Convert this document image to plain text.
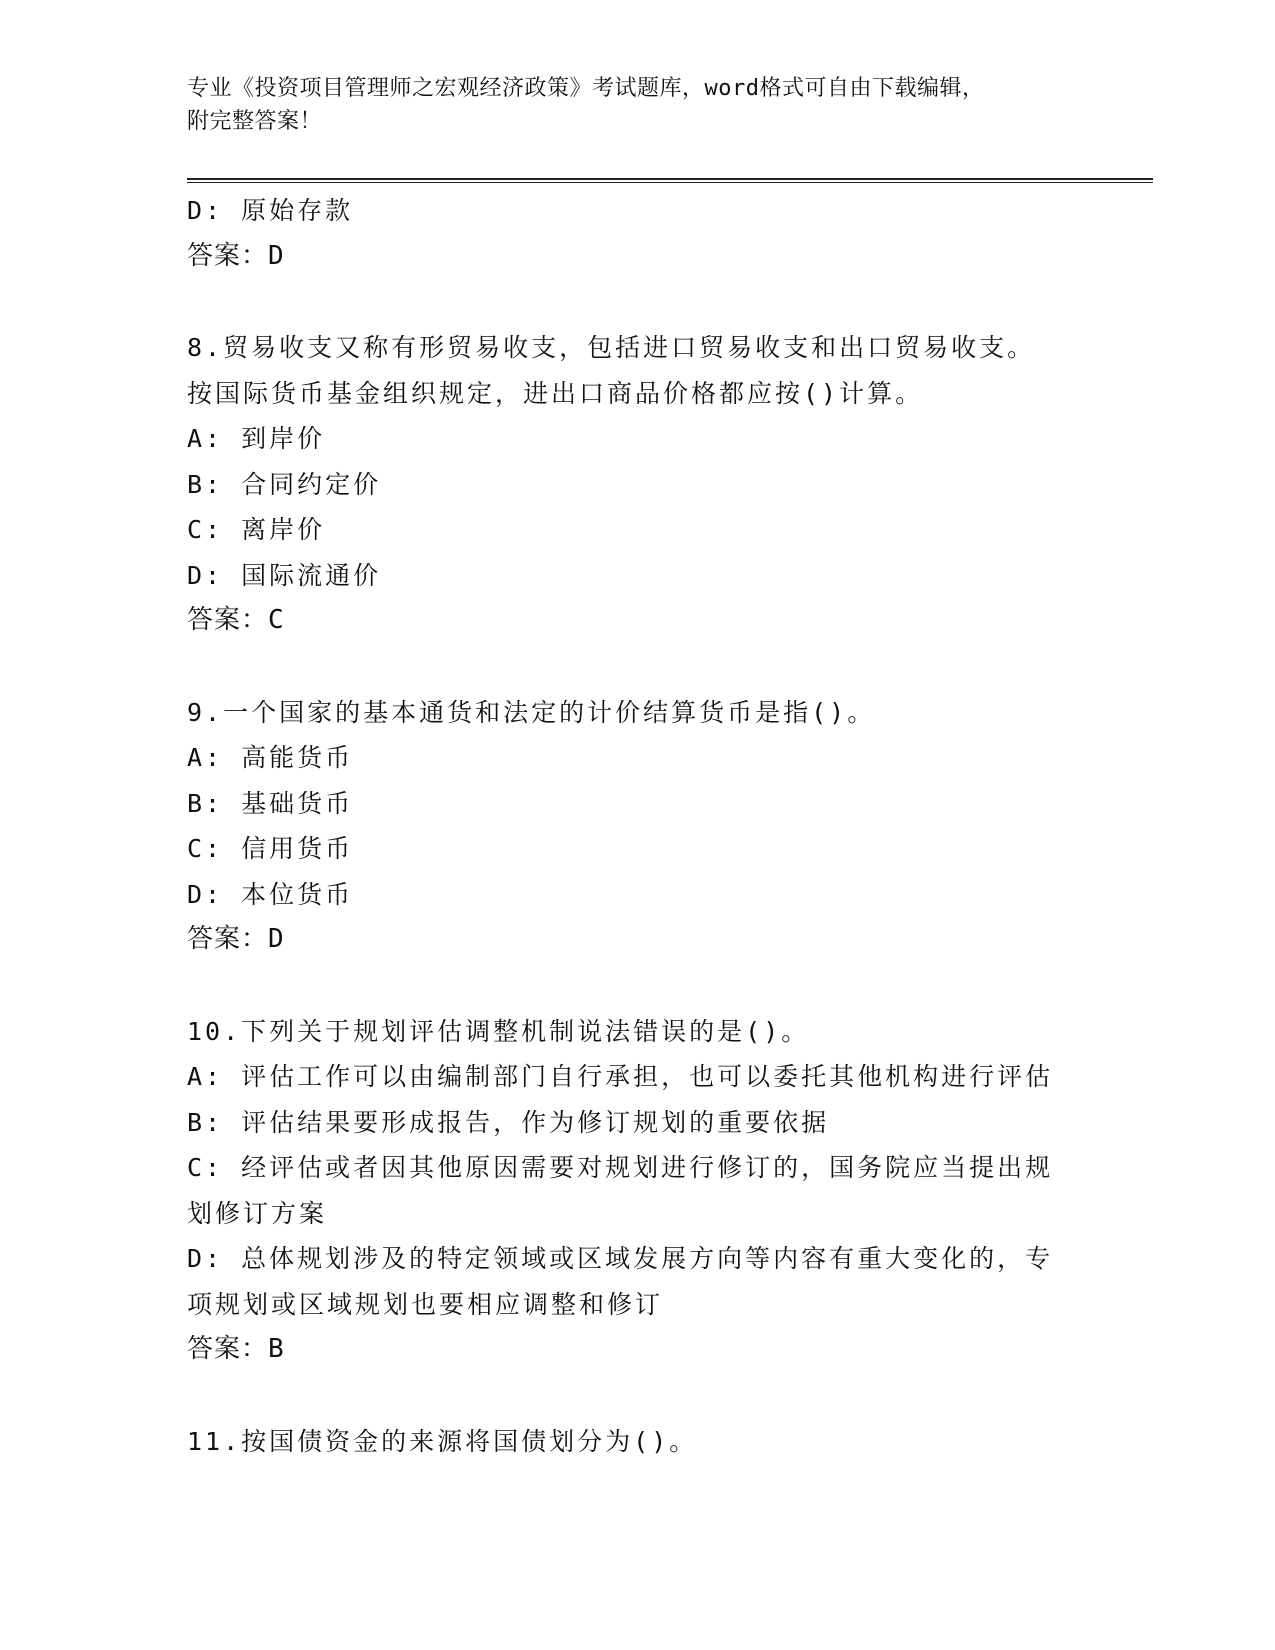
专业《投资项目管理师之宏观经济政策》考试题库，word格式可自由下载编辑，
附完整答案！
D: 原始存款
答案：D
8.贸易收支又称有形贸易收支，包括进口贸易收支和出口贸易收支。
按国际货币基金组织规定，进出口商品价格都应按()计算。
A: 到岸价
B: 合同约定价
C: 离岸价
D: 国际流通价
答案：C
9.一个国家的基本通货和法定的计价结算货币是指()。
A: 高能货币
B: 基础货币
C: 信用货币
D: 本位货币
答案：D
10.下列关于规划评估调整机制说法错误的是()。
A: 评估工作可以由编制部门自行承担，也可以委托其他机构进行评估
B: 评估结果要形成报告，作为修订规划的重要依据
C: 经评估或者因其他原因需要对规划进行修订的，国务院应当提出规
划修订方案
D: 总体规划涉及的特定领域或区域发展方向等内容有重大变化的，专
项规划或区域规划也要相应调整和修订
答案：B
11.按国债资金的来源将国债划分为()。
